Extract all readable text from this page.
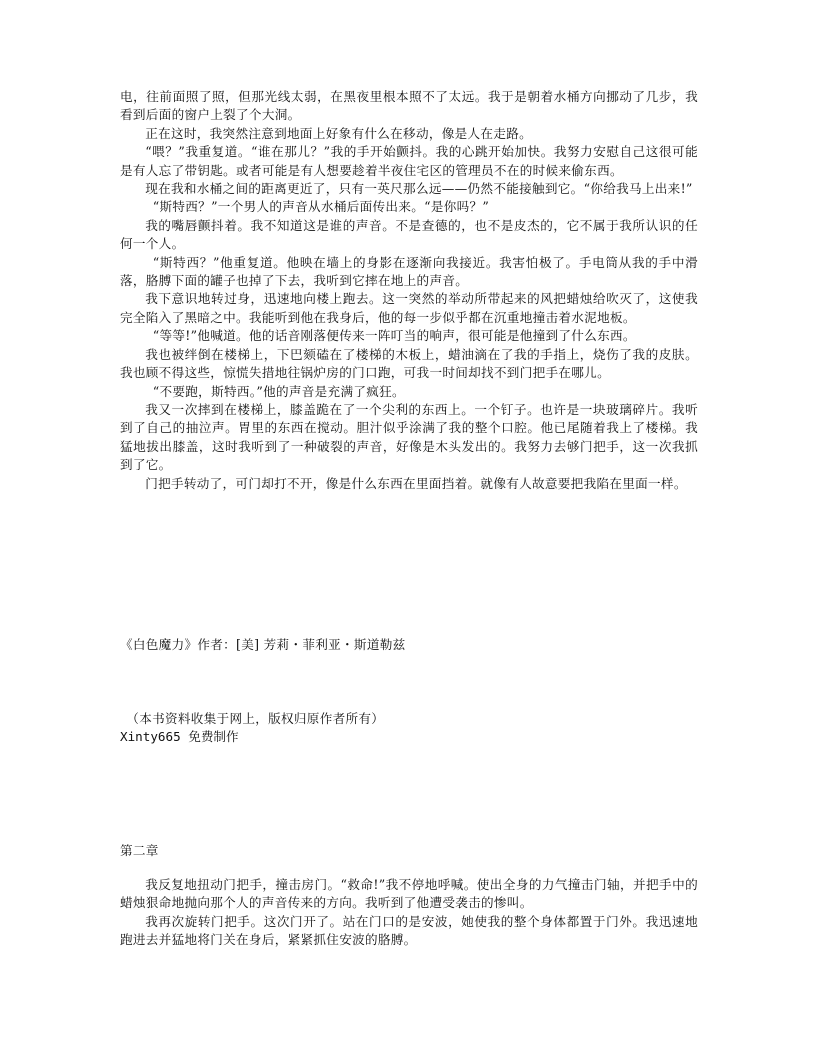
电，往前面照了照，但那光线太弱，在黑夜里根本照不了太远。我于是朝着水桶方向挪动了几步，我看到后面的窗户上裂了个大洞。

正在这时，我突然注意到地面上好象有什么在移动，像是人在走路。

“喂？”我重复道。“谁在那儿？”我的手开始颤抖。我的心跳开始加快。我努力安慰自己这很可能是有人忘了带钥匙。或者可能是有人想要趁着半夜住宅区的管理员不在的时候来偷东西。

现在我和水桶之间的距离更近了，只有一英尺那么远——仍然不能接触到它。“你给我马上出来!”

“斯特西？”一个男人的声音从水桶后面传出来。“是你吗？”

我的嘴唇颤抖着。我不知道这是谁的声音。不是查德的，也不是皮杰的，它不属于我所认识的任何一个人。

“斯特西？”他重复道。他映在墙上的身影在逐渐向我接近。我害怕极了。手电筒从我的手中滑落，胳膊下面的罐子也掉了下去，我听到它摔在地上的声音。

我下意识地转过身，迅速地向楼上跑去。这一突然的举动所带起来的风把蜡烛给吹灭了，这使我完全陷入了黑暗之中。我能听到他在我身后，他的每一步似乎都在沉重地撞击着水泥地板。

“等等!”他喊道。他的话音刚落便传来一阵叮当的响声，很可能是他撞到了什么东西。

我也被绊倒在楼梯上，下巴颏磕在了楼梯的木板上，蜡油滴在了我的手指上，烧伤了我的皮肤。我也顾不得这些，惊慌失措地往锅炉房的门口跑，可我一时间却找不到门把手在哪儿。

“不要跑，斯特西。”他的声音是充满了疯狂。

我又一次摔到在楼梯上，膝盖跪在了一个尖利的东西上。一个钉子。也许是一块玻璃碎片。我听到了自己的抽泣声。胃里的东西在搅动。胆汁似乎涂满了我的整个口腔。他已尾随着我上了楼梯。我猛地拔出膝盖，这时我听到了一种破裂的声音，好像是木头发出的。我努力去够门把手，这一次我抓到了它。

门把手转动了，可门却打不开，像是什么东西在里面挡着。就像有人故意要把我陷在里面一样。

《白色魔力》作者：[美] 芳莉・菲利亚・斯道勒兹

（本书资料收集于网上，版权归原作者所有）

Xinty665 免费制作

第二章

我反复地扭动门把手，撞击房门。“救命!”我不停地呼喊。使出全身的力气撞击门轴，并把手中的蜡烛狠命地抛向那个人的声音传来的方向。我听到了他遭受袭击的惨叫。

我再次旋转门把手。这次门开了。站在门口的是安波，她使我的整个身体都置于门外。我迅速地跑进去并猛地将门关在身后，紧紧抓住安波的胳膊。
